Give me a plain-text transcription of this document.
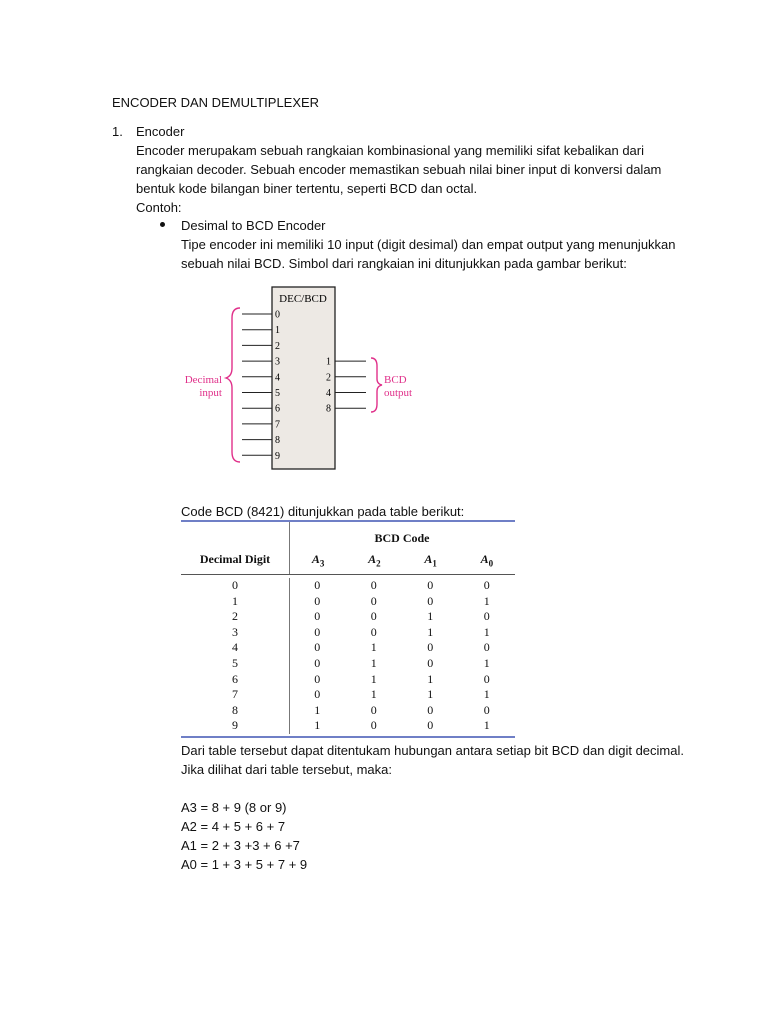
ENCODER DAN DEMULTIPLEXER
1. Encoder
Encoder merupakam sebuah rangkaian kombinasional yang memiliki sifat kebalikan dari
rangkaian decoder. Sebuah encoder memastikan sebuah nilai biner input di konversi dalam
bentuk kode bilangan biner tertentu, seperti BCD dan octal.
Contoh:
Desimal to BCD Encoder
Tipe encoder ini memiliki 10 input (digit desimal) dan empat output yang menunjukkan
sebuah nilai BCD. Simbol dari rangkaian ini ditunjukkan pada gambar berikut:
DEC/BCD
0
1
2
3
4
5
6
7
8
9
1
2
4
8
Decimal
input
BCD
output
Code BCD (8421) ditunjukkan pada table berikut:
BCD Code
Decimal Digit	$A_3$	$A_2$	$A_1$	$A_0$
0	0	0	0	0
1	0	0	0	1
2	0	0	1	0
3	0	0	1	1
4	0	1	0	0
5	0	1	0	1
6	0	1	1	0
7	0	1	1	1
8	1	0	0	0
9	1	0	0	1
Dari table tersebut dapat ditentukam hubungan antara setiap bit BCD dan digit decimal.
Jika dilihat dari table tersebut, maka:
A3 = 8 + 9 (8 or 9)
A2 = 4 + 5 + 6 + 7
A1 = 2 + 3 +3 + 6 +7
A0 = 1 + 3 + 5 + 7 + 9
